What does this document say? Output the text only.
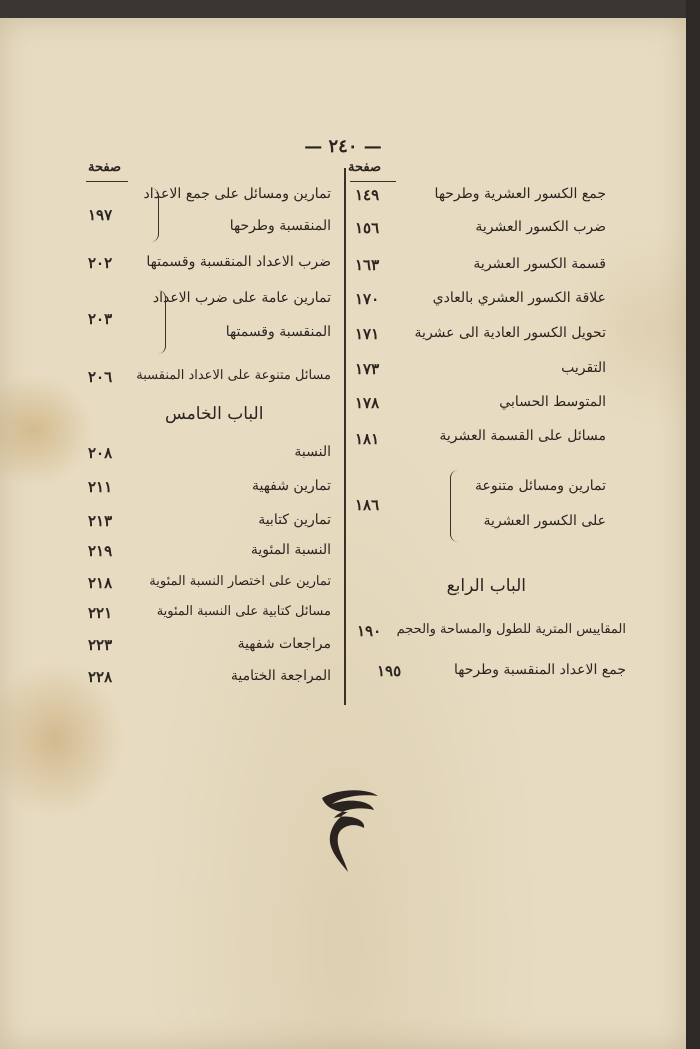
— ٢٤٠ —
صفحة
جمع الكسور العشرية وطرحها
١٤٩
ضرب الكسور العشرية
١٥٦
قسمة الكسور العشرية
١٦٣
علاقة الكسور العشري بالعادي
١٧٠
تحويل الكسور العادية الى عشرية
١٧١
التقريب
١٧٣
المتوسط الحسابي
١٧٨
مسائل على القسمة العشرية
١٨١
تمارين ومسائل متنوعة
على الكسور العشرية
١٨٦
الباب الرابع
المقاييس المترية للطول والمساحة والحجم
١٩٠
جمع الاعداد المنقسبة وطرحها
١٩٥
صفحة
تمارين ومسائل على جمع الاعداد
المنقسبة وطرحها
١٩٧
ضرب الاعداد المنقسبة وقسمتها
٢٠٢
تمارين عامة على ضرب الاعداد
المنقسبة وقسمتها
٢٠٣
مسائل متنوعة على الاعداد المنقسبة
٢٠٦
الباب الخامس
النسبة
٢٠٨
تمارين شفهية
٢١١
تمارين كتابية
٢١٣
النسبة المئوية
٢١٩
تمارين على اختصار النسبة المئوية
٢١٨
مسائل كتابية على النسبة المئوية
٢٢١
مراجعات شفهية
٢٢٣
المراجعة الختامية
٢٢٨
